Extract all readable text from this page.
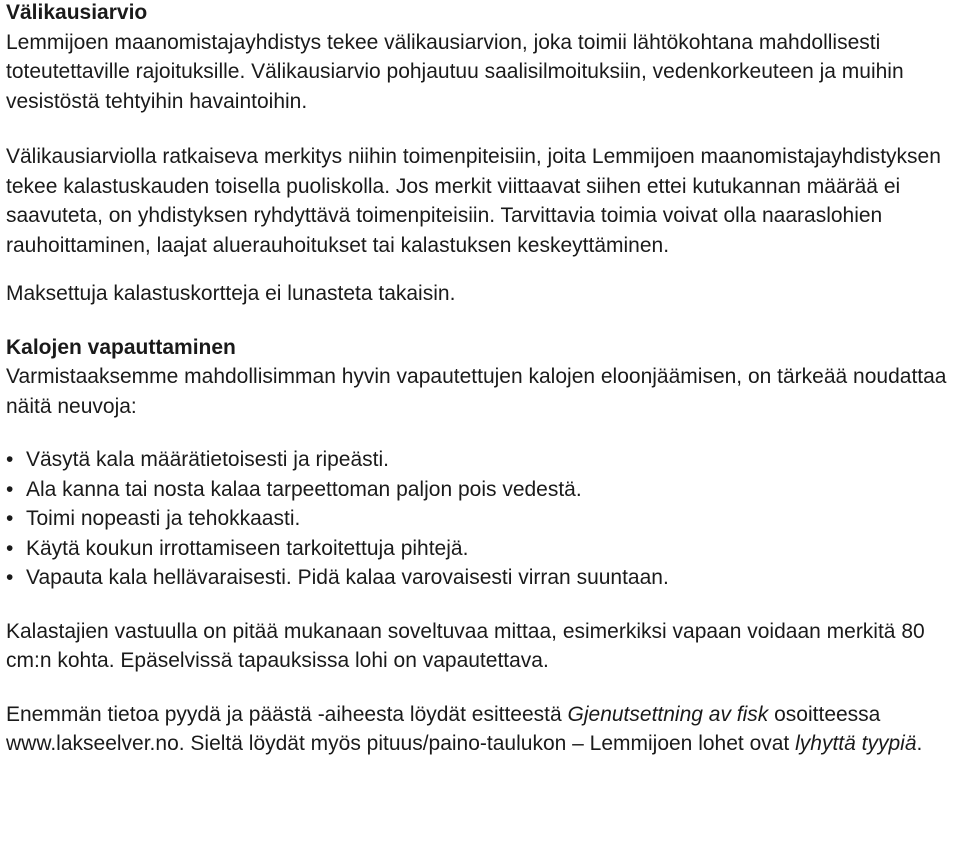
Välikausiarvio

Lemmijoen maanomistajayhdistys tekee välikausiarvion, joka toimii lähtökohtana mahdollisesti toteutettaville rajoituksille. Välikausiarvio pohjautuu saalisilmoituksiin, vedenkorkeuteen ja muihin vesistöstä tehtyihin havaintoihin.

Välikausiarviolla ratkaiseva merkitys niihin toimenpiteisiin, joita Lemmijoen maanomistajayhdistyksen tekee kalastuskauden toisella puoliskolla. Jos merkit viittaavat siihen ettei kutukannan määrää ei saavuteta, on yhdistyksen ryhdyttävä toimenpiteisiin. Tarvittavia toimia voivat olla naaraslohien rauhoittaminen, laajat aluerauhoitukset tai kalastuksen keskeyttäminen.

Maksettuja kalastuskortteja ei lunasteta takaisin.

Kalojen vapauttaminen

Varmistaaksemme mahdollisimman hyvin vapautettujen kalojen eloonjäämisen, on tärkeää noudattaa näitä neuvoja:

• Väsytä kala määrätietoisesti ja ripeästi.
• Ala kanna tai nosta kalaa tarpeettoman paljon pois vedestä.
• Toimi nopeasti ja tehokkaasti.
• Käytä koukun irrottamiseen tarkoitettuja pihtejä.
• Vapauta kala hellävaraisesti. Pidä kalaa varovaisesti virran suuntaan.

Kalastajien vastuulla on pitää mukanaan soveltuvaa mittaa, esimerkiksi vapaan voidaan merkitä 80 cm:n kohta. Epäselvissä tapauksissa lohi on vapautettava.

Enemmän tietoa pyydä ja päästä -aiheesta löydät esitteestä Gjenutsettning av fisk osoitteessa www.lakseelver.no. Sieltä löydät myös pituus/paino-taulukon – Lemmijoen lohet ovat lyhyttä tyypiä.
